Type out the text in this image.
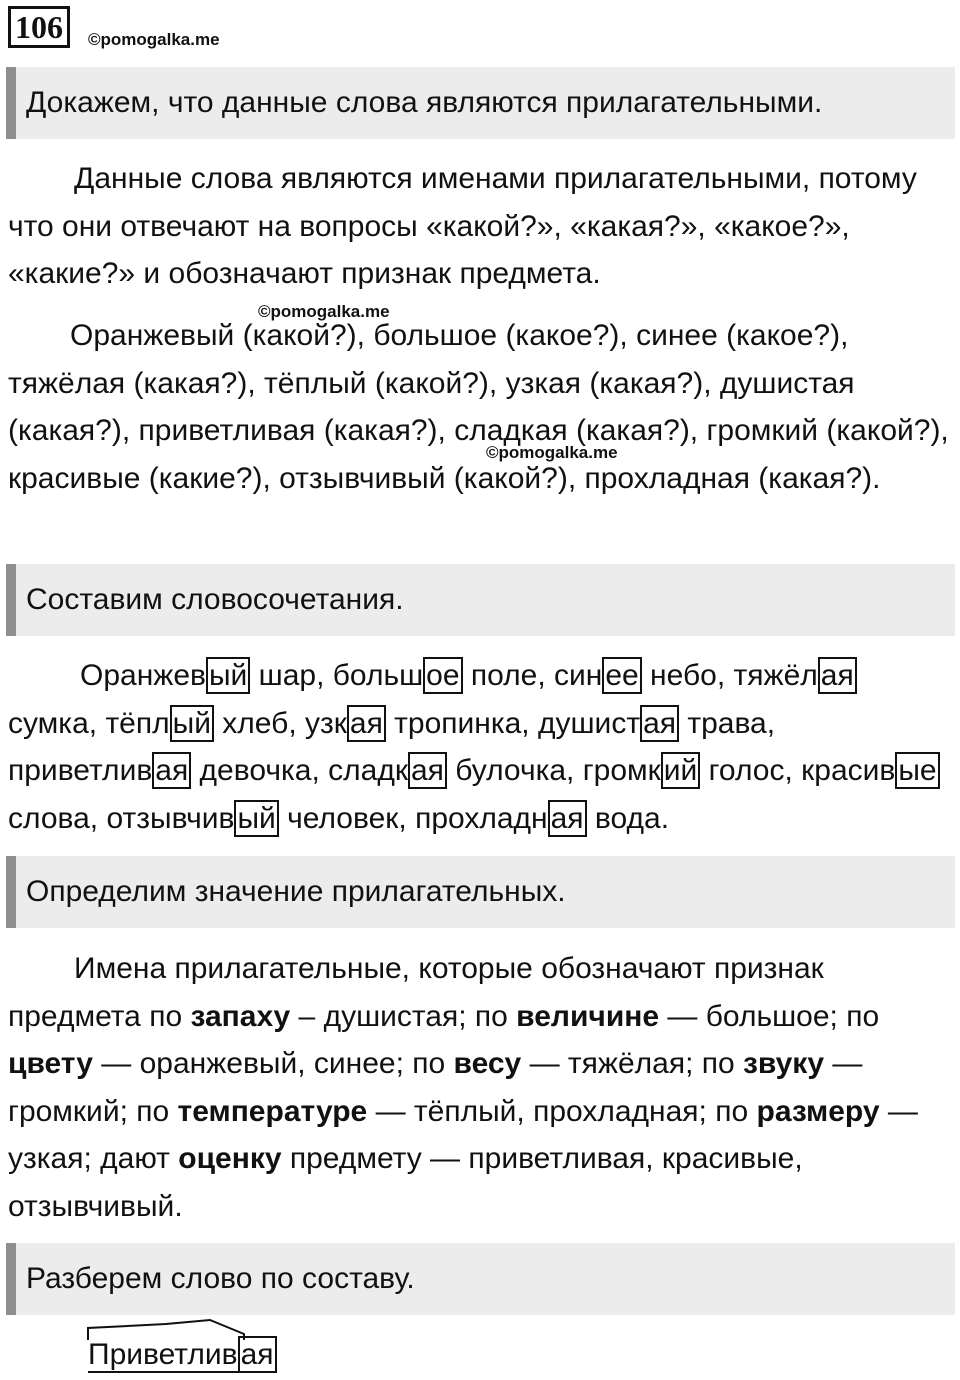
106	©pomogalka.me
Докажем, что данные слова являются прилагательными.

Данные слова являются именами прилагательными, потому что они отвечают на вопросы «какой?», «какая?», «какое?», «какие?» и обозначают признак предмета.

©pomogalka.me

Оранжевый (какой?), большое (какое?), синее (какое?), тяжёлая (какая?), тёплый (какой?), узкая (какая?), душистая (какая?), приветливая (какая?), сладкая (какая?), громкий (какой?), красивые (какие?), отзывчивый (какой?), прохладная (какая?).

©pomogalka.me
Составим словосочетания.

Оранжев ый шар, больш ое поле, син ее небо, тяжёл ая сумка, тёпл ый хлеб, узк ая тропинка, душист ая трава, приветлив ая девочка, сладк ая булочка, громк ий голос, красив ые слова, отзывчив ый человек, прохладн ая вода.

Определим значение прилагательных.

Имена прилагательные, которые обозначают признак предмета по запаху – душистая; по величине — большое; по цвету — оранжевый, синее; по весу — тяжёлая; по звуку — громкий; по температуре — тёплый, прохладная; по размеру — узкая; дают оценку предмету — приветливая, красивые, отзывчивый.

Разберем слово по составу.
Приветлив ая
